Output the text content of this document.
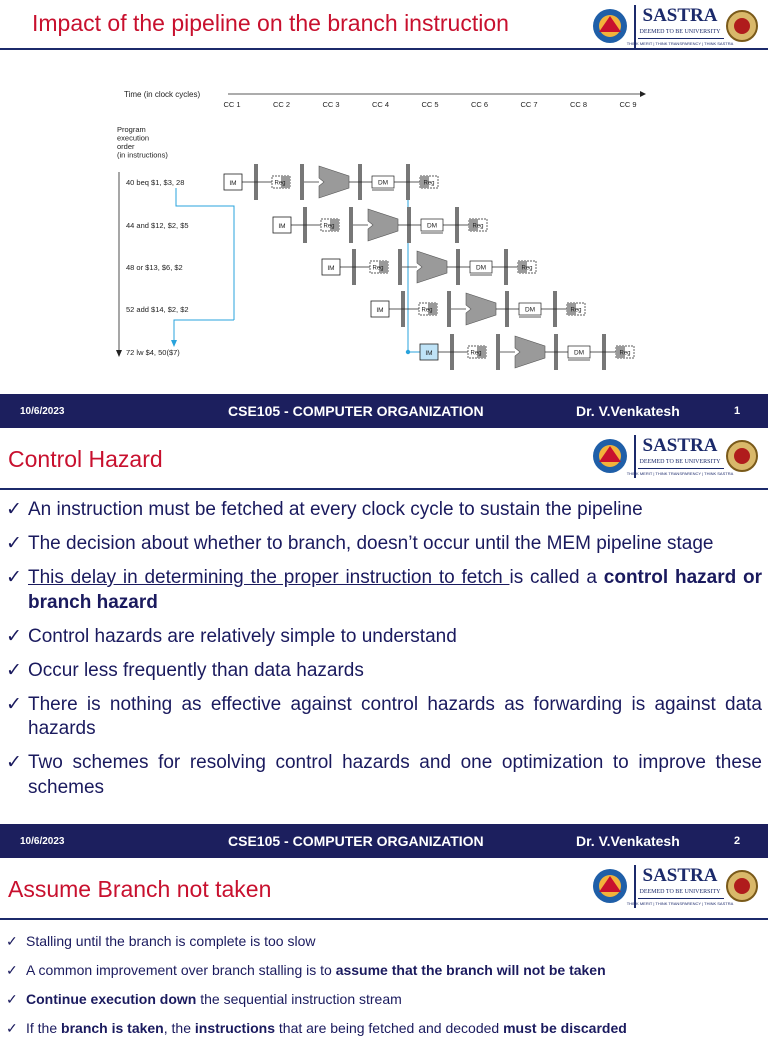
Impact of the pipeline on the branch instruction	SASTRA
DEEMED TO BE UNIVERSITY
THINK MERIT | THINK TRANSPARENCY | THINK SASTRA
Time (in clock cycles)
CC 1	CC 2	CC 3	CC 4	CC 5	CC 6	CC 7	CC 8	CC 9
Program
execution
order
(in instructions)
40 beq $1, $3, 28
44 and $12, $2, $5
48 or $13, $6, $2
52 add $14, $2, $2
72 lw $4, 50($7)
IM	Reg	DM	Reg
IM	Reg	DM	Reg
IM	Reg	DM	Reg
IM	Reg	DM	Reg
IM	Reg	DM	Reg
10/6/2023	CSE105 - COMPUTER ORGANIZATION	Dr. V.Venkatesh	1
Control Hazard
SASTRA
DEEMED TO BE UNIVERSITY
THINK MERIT | THINK TRANSPARENCY | THINK SASTRA
✓ An instruction must be fetched at every clock cycle to sustain the pipeline
✓ The decision about whether to branch, doesn’t occur until the MEM pipeline stage
✓ This delay in determining the proper instruction to fetch is called a control hazard or branch hazard
✓ Control hazards are relatively simple to understand
✓ Occur less frequently than data hazards
✓ There is nothing as effective against control hazards as forwarding is against data hazards
✓ Two schemes for resolving control hazards and one optimization to improve these schemes
10/6/2023	CSE105 - COMPUTER ORGANIZATION	Dr. V.Venkatesh	2
Assume Branch not taken
SASTRA
DEEMED TO BE UNIVERSITY
THINK MERIT | THINK TRANSPARENCY | THINK SASTRA
✓ Stalling until the branch is complete is too slow
✓ A common improvement over branch stalling is to assume that the branch will not be taken
✓ Continue execution down the sequential instruction stream
✓ If the branch is taken, the instructions that are being fetched and decoded must be discarded
